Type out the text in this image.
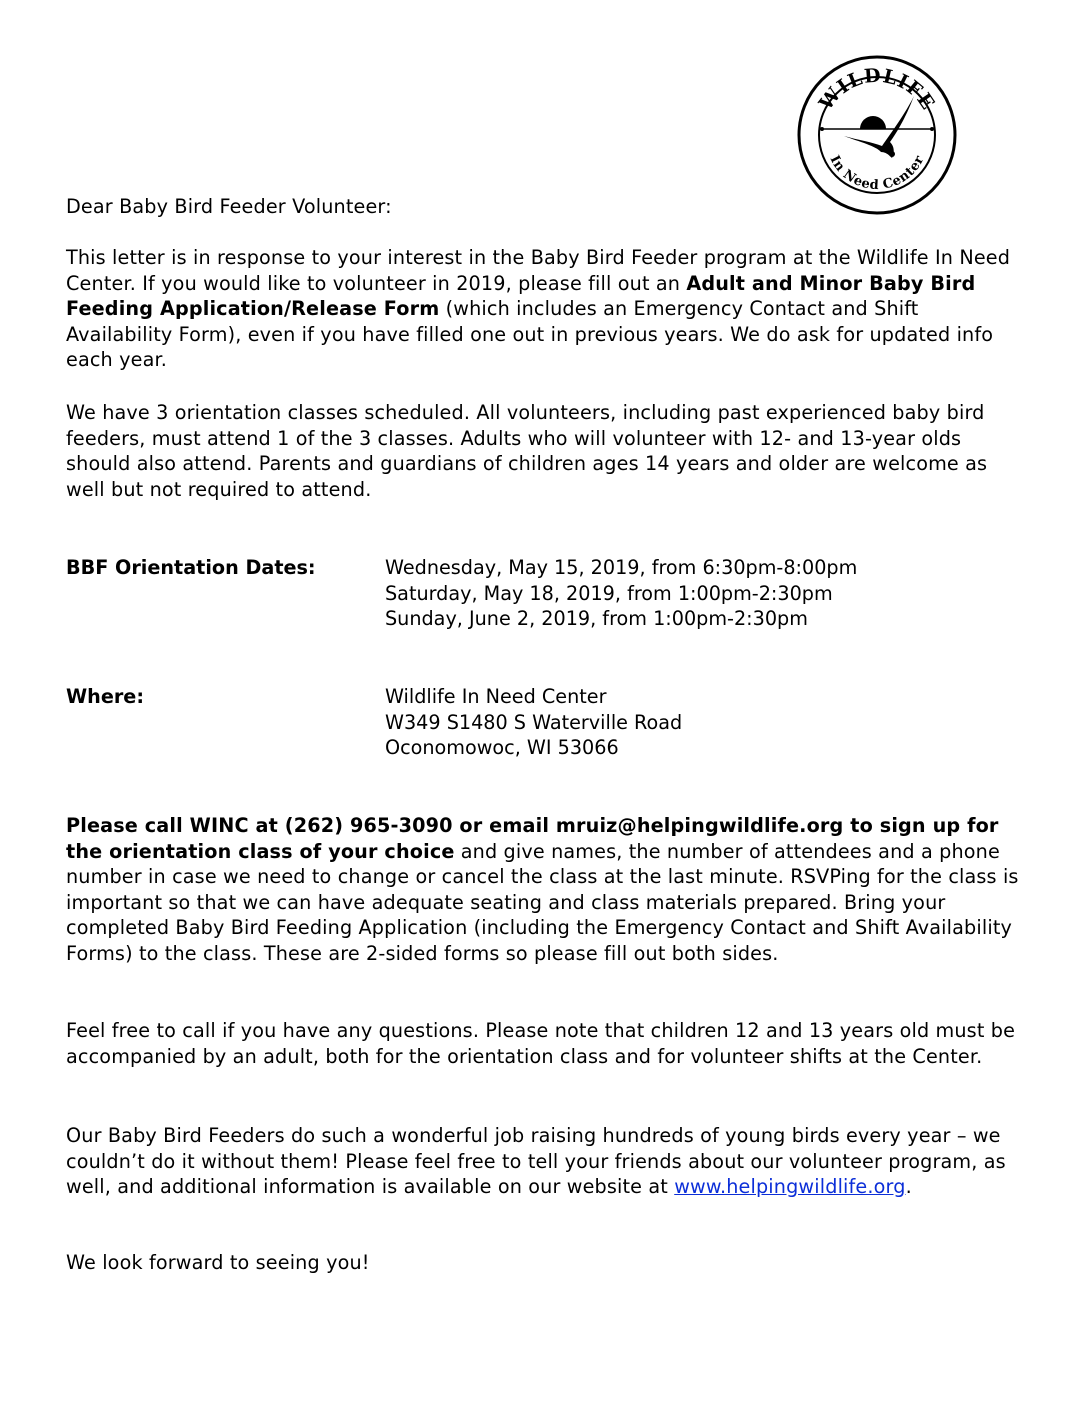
WILDLIFE
In Need Center
Dear Baby Bird Feeder Volunteer:
This letter is in response to your interest in the Baby Bird Feeder program at the Wildlife In Need Center. If you would like to volunteer in 2019, please fill out an Adult and Minor Baby Bird Feeding Application/Release Form (which includes an Emergency Contact and Shift Availability Form), even if you have filled one out in previous years. We do ask for updated info each year.
We have 3 orientation classes scheduled. All volunteers, including past experienced baby bird feeders, must attend 1 of the 3 classes. Adults who will volunteer with 12- and 13-year olds should also attend. Parents and guardians of children ages 14 years and older are welcome as well but not required to attend.
BBF Orientation Dates:	Wednesday, May 15, 2019, from 6:30pm-8:00pm
Saturday, May 18, 2019, from 1:00pm-2:30pm
Sunday, June 2, 2019, from 1:00pm-2:30pm
Where:	Wildlife In Need Center
W349 S1480 S Waterville Road
Oconomowoc, WI 53066
Please call WINC at (262) 965-3090 or email mruiz@helpingwildlife.org to sign up for the orientation class of your choice and give names, the number of attendees and a phone number in case we need to change or cancel the class at the last minute. RSVPing for the class is important so that we can have adequate seating and class materials prepared. Bring your completed Baby Bird Feeding Application (including the Emergency Contact and Shift Availability Forms) to the class. These are 2-sided forms so please fill out both sides.
Feel free to call if you have any questions. Please note that children 12 and 13 years old must be accompanied by an adult, both for the orientation class and for volunteer shifts at the Center.
Our Baby Bird Feeders do such a wonderful job raising hundreds of young birds every year – we couldn’t do it without them! Please feel free to tell your friends about our volunteer program, as well, and additional information is available on our website at www.helpingwildlife.org.
We look forward to seeing you!
